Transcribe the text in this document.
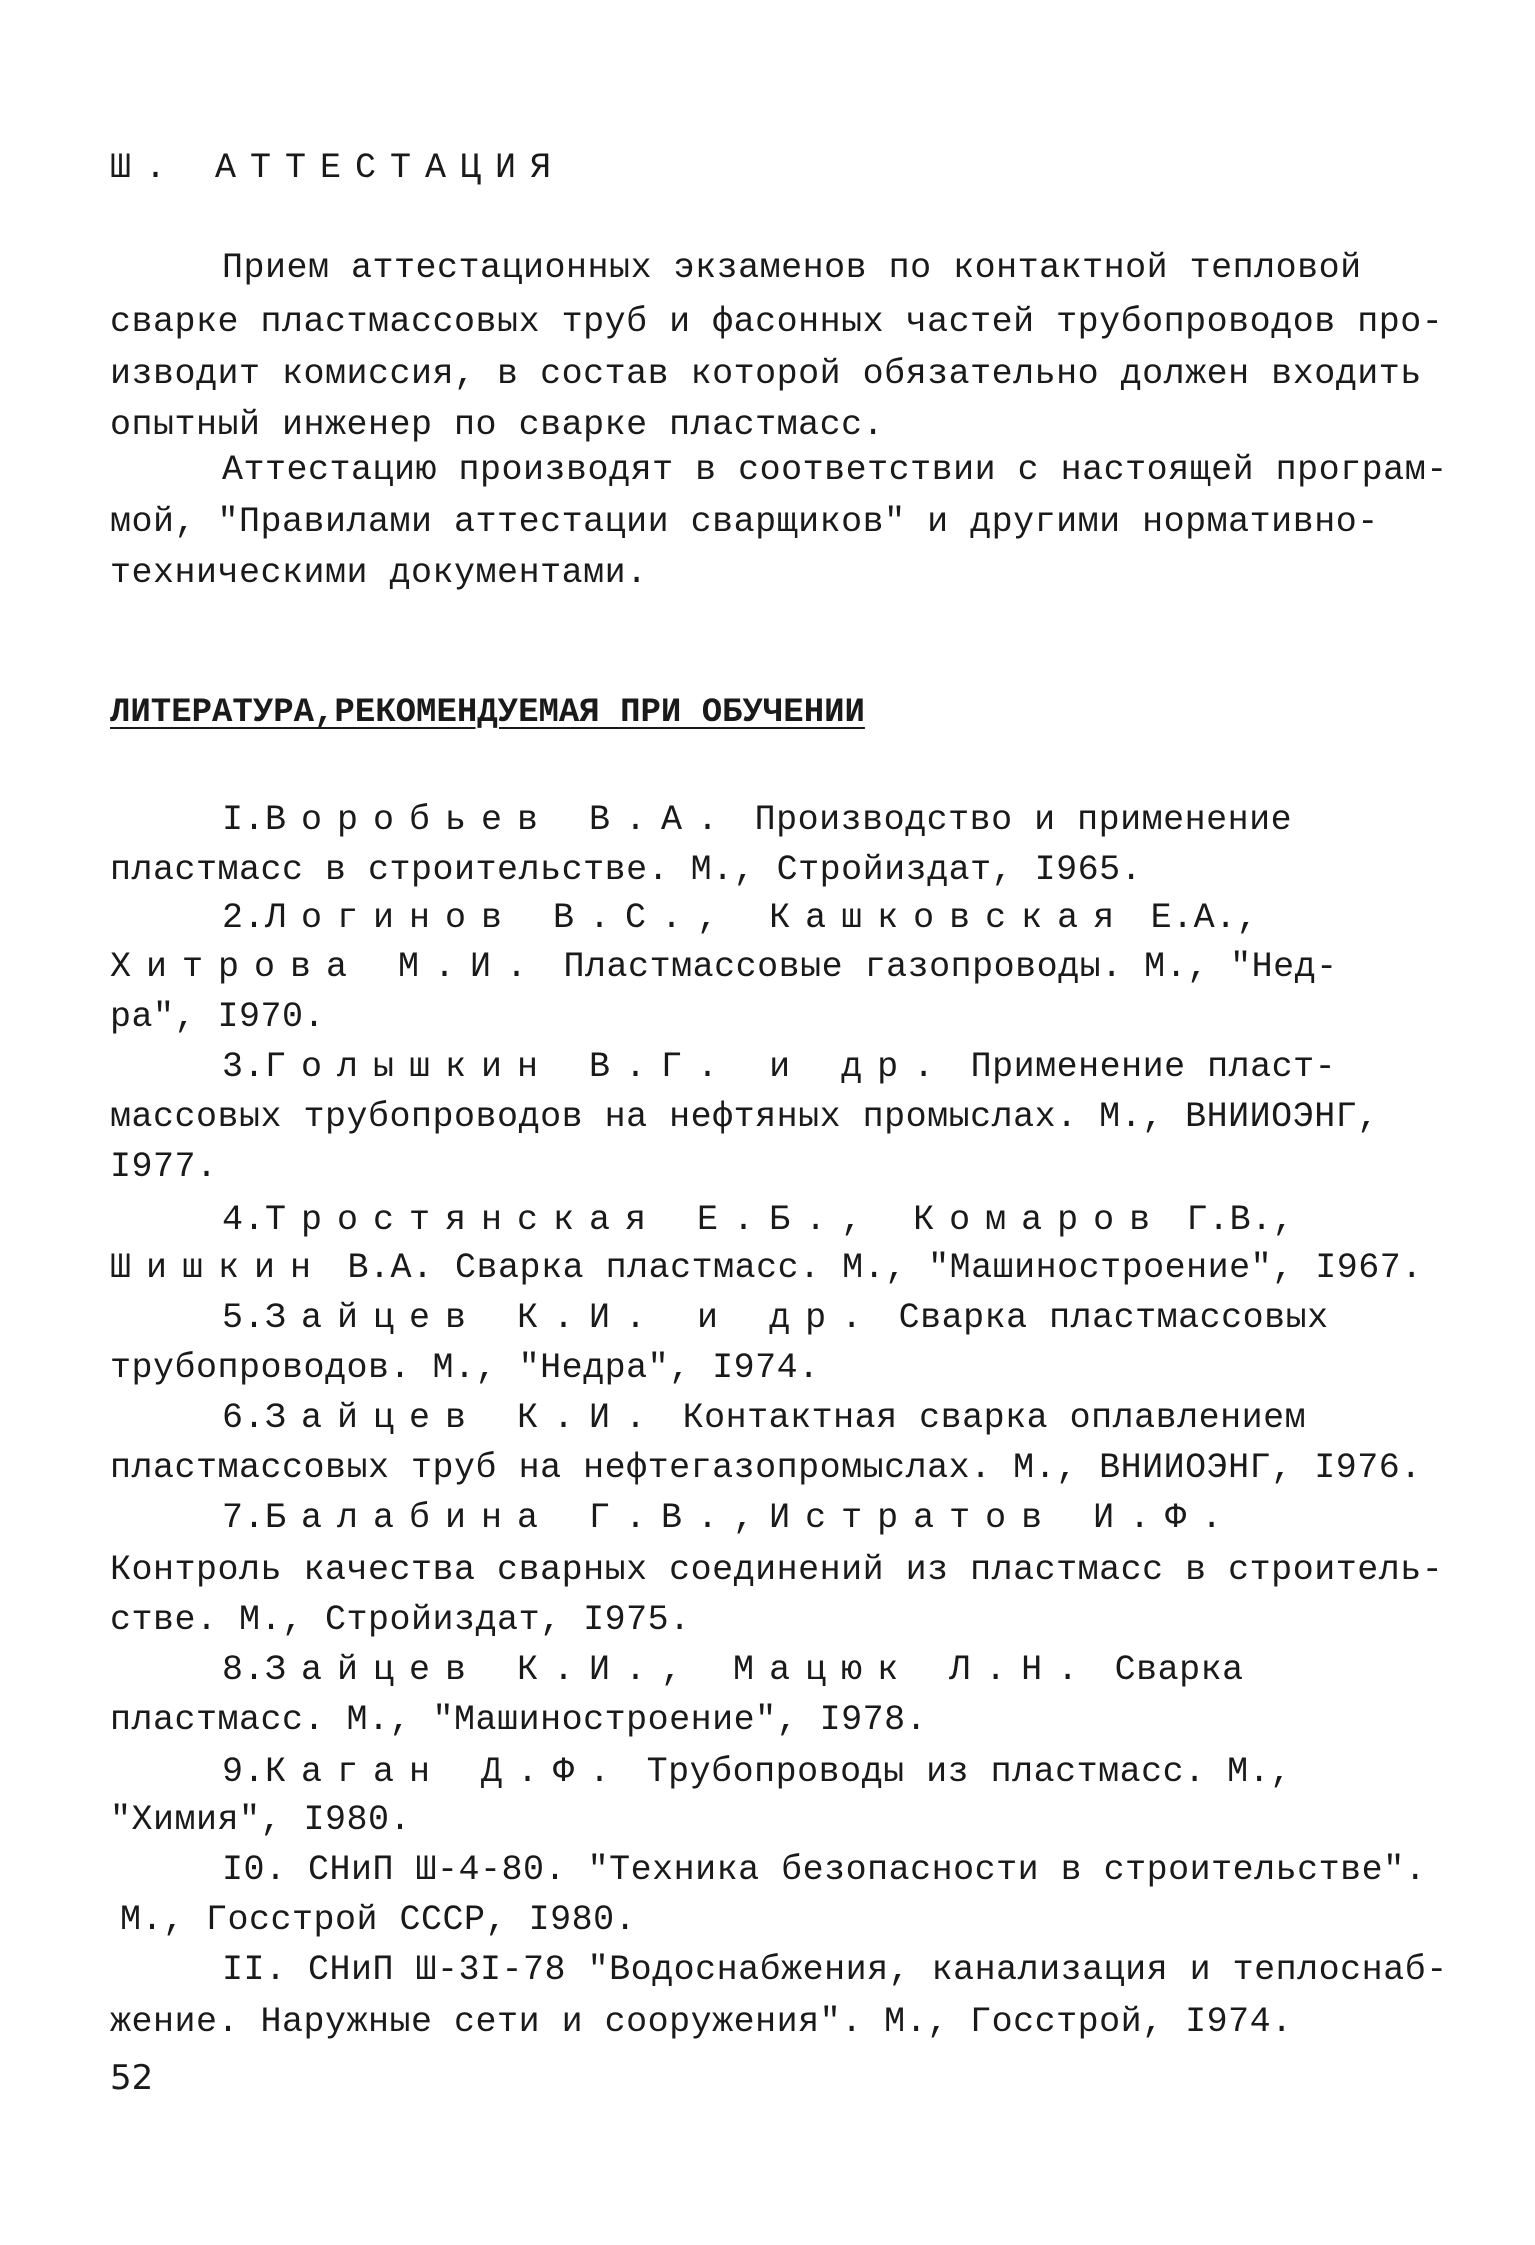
Ш. АТТЕСТАЦИЯ
Прием аттестационных экзаменов по контактной тепловой
сварке пластмассовых труб и фасонных частей трубопроводов про-
изводит комиссия, в состав которой обязательно должен входить
опытный инженер по сварке пластмасс.
Аттестацию производят в соответствии с настоящей програм-
мой, "Правилами аттестации сварщиков" и другими нормативно-
техническими документами.
ЛИТЕРАТУРА,РЕКОМЕНДУЕМАЯ ПРИ ОБУЧЕНИИ
I.Воробьев В.А. Производство и применение
пластмасс в строительстве. М., Стройиздат, I965.
2.Логинов В.С., Кашковская Е.А.,
Хитрова М.И. Пластмассовые газопроводы. М., "Нед-
ра", I970.
3.Голышкин В.Г. и др. Применение пласт-
массовых трубопроводов на нефтяных промыслах. М., ВНИИОЭНГ,
I977.
4.Тростянская Е.Б., Комаров Г.В.,
Шишкин В.А. Сварка пластмасс. М., "Машиностроение", I967.
5.Зайцев К.И. и др. Сварка пластмассовых
трубопроводов. М., "Недра", I974.
6.Зайцев К.И. Контактная сварка оплавлением
пластмассовых труб на нефтегазопромыслах. М., ВНИИОЭНГ, I976.
7.Балабина Г.В.,Истратов И.Ф.
Контроль качества сварных соединений из пластмасс в строитель-
стве. М., Стройиздат, I975.
8.Зайцев К.И., Мацюк Л.Н. Сварка
пластмасс. М., "Машиностроение", I978.
9.Каган Д.Ф. Трубопроводы из пластмасс. М.,
"Химия", I980.
I0. СНиП Ш-4-80. "Техника безопасности в строительстве".
М., Госстрой СССР, I980.
II. СНиП Ш-3I-78 "Водоснабжения, канализация и теплоснаб-
жение. Наружные сети и сооружения". М., Госстрой, I974.
52
